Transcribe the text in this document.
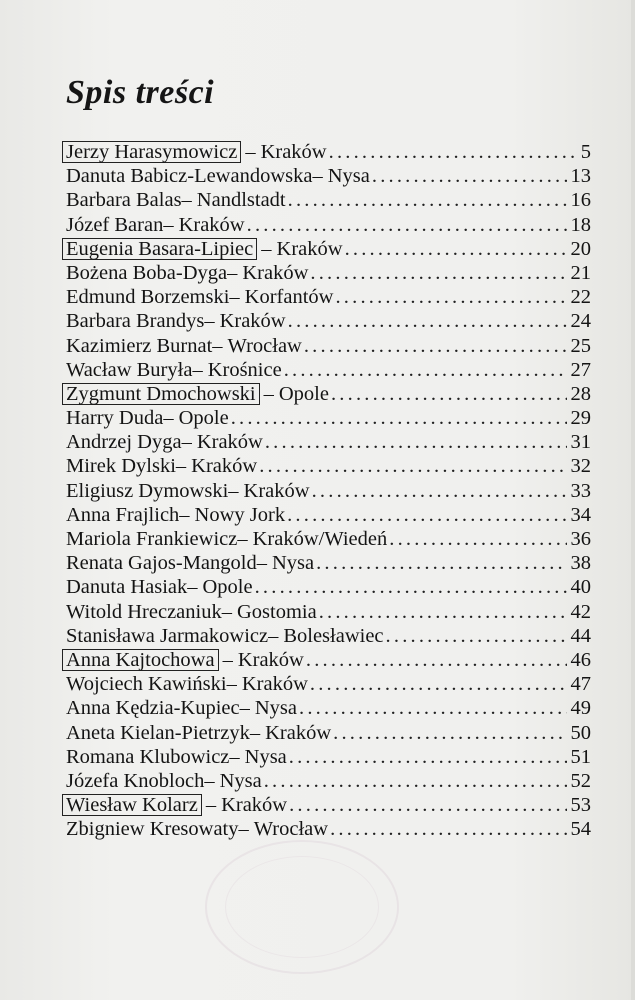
Spis treści
Jerzy Harasymowicz – Kraków .....	5
Danuta Babicz-Lewandowska – Nysa .....	13
Barbara Balas – Nandlstadt .....	16
Józef Baran – Kraków .....	18
Eugenia Basara-Lipiec – Kraków .....	20
Bożena Boba-Dyga – Kraków .....	21
Edmund Borzemski – Korfantów .....	22
Barbara Brandys – Kraków .....	24
Kazimierz Burnat – Wrocław .....	25
Wacław Buryła – Krośnice .....	27
Zygmunt Dmochowski – Opole .....	28
Harry Duda – Opole .....	29
Andrzej Dyga – Kraków .....	31
Mirek Dylski – Kraków .....	32
Eligiusz Dymowski – Kraków .....	33
Anna Frajlich – Nowy Jork .....	34
Mariola Frankiewicz – Kraków/Wiedeń .....	36
Renata Gajos-Mangold – Nysa .....	38
Danuta Hasiak – Opole .....	40
Witold Hreczaniuk – Gostomia .....	42
Stanisława Jarmakowicz – Bolesławiec .....	44
Anna Kajtochowa – Kraków .....	46
Wojciech Kawiński – Kraków .....	47
Anna Kędzia-Kupiec – Nysa .....	49
Aneta Kielan-Pietrzyk – Kraków .....	50
Romana Klubowicz – Nysa .....	51
Józefa Knobloch – Nysa .....	52
Wiesław Kolarz – Kraków .....	53
Zbigniew Kresowaty – Wrocław .....	54
